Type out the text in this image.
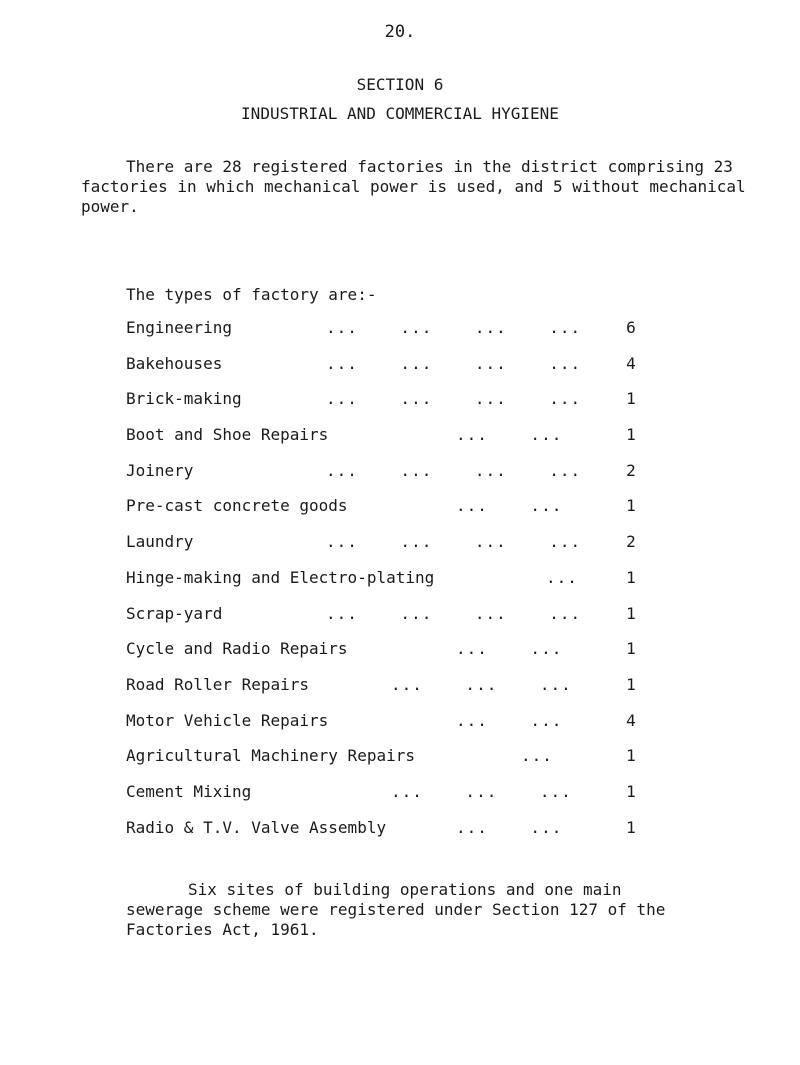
20.
SECTION 6
INDUSTRIAL AND COMMERCIAL HYGIENE

There are 28 registered factories in the district comprising 23 factories in which mechanical power is used, and 5 without mechanical power.

The types of factory are:-
Engineering	...    ...    ...    ...	6
Bakehouses	...    ...    ...    ...	4
Brick-making	...    ...    ...    ...	1
Boot and Shoe Repairs	...    ...	1
Joinery	...    ...    ...    ...	2
Pre-cast concrete goods	...    ...	1
Laundry	...    ...    ...    ...	2
Hinge-making and Electro-plating	...	1
Scrap-yard	...    ...    ...    ...	1
Cycle and Radio Repairs	...    ...	1
Road Roller Repairs	...    ...    ...	1
Motor Vehicle Repairs	...    ...	4
Agricultural Machinery Repairs	...	1
Cement Mixing	...    ...    ...	1
Radio & T.V. Valve Assembly	...    ...	1

Six sites of building operations and one main sewerage scheme were registered under Section 127 of the Factories Act, 1961.
